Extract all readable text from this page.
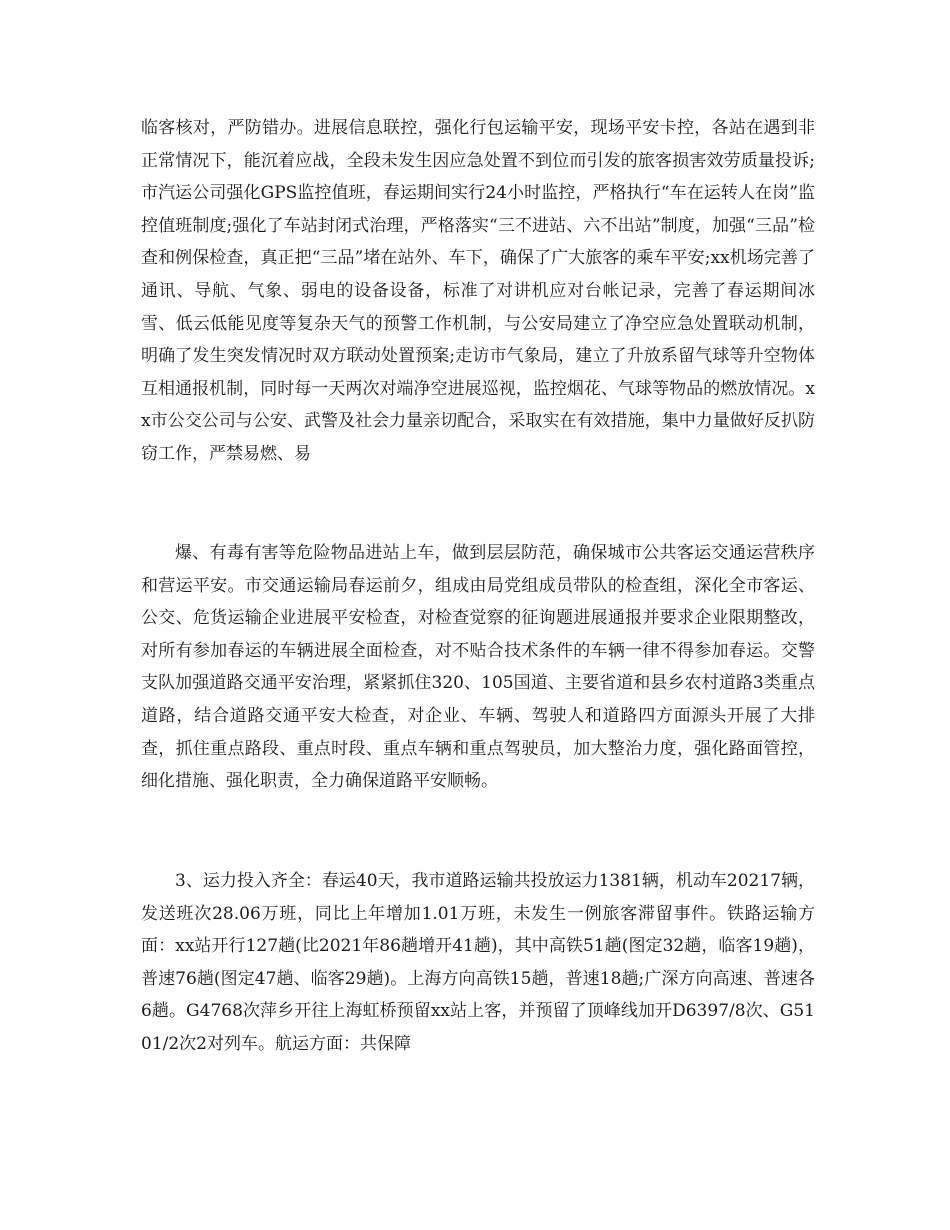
临客核对，严防错办。进展信息联控，强化行包运输平安，现场平安卡控，各站在遇到非正常情况下，能沉着应战，全段未发生因应急处置不到位而引发的旅客损害效劳质量投诉;市汽运公司强化GPS监控值班，春运期间实行24小时监控，严格执行“车在运转人在岗”监控值班制度;强化了车站封闭式治理，严格落实“三不进站、六不出站”制度，加强“三品”检查和例保检查，真正把“三品”堵在站外、车下，确保了广大旅客的乘车平安;xx机场完善了通讯、导航、气象、弱电的设备设备，标准了对讲机应对台帐记录，完善了春运期间冰雪、低云低能见度等复杂天气的预警工作机制，与公安局建立了净空应急处置联动机制，明确了发生突发情况时双方联动处置预案;走访市气象局，建立了升放系留气球等升空物体互相通报机制，同时每一天两次对端净空进展巡视，监控烟花、气球等物品的燃放情况。xx市公交公司与公安、武警及社会力量亲切配合，采取实在有效措施，集中力量做好反扒防窃工作，严禁易燃、易

爆、有毒有害等危险物品进站上车，做到层层防范，确保城市公共客运交通运营秩序和营运平安。市交通运输局春运前夕，组成由局党组成员带队的检查组，深化全市客运、公交、危货运输企业进展平安检查，对检查觉察的征询题进展通报并要求企业限期整改，对所有参加春运的车辆进展全面检查，对不贴合技术条件的车辆一律不得参加春运。交警支队加强道路交通平安治理，紧紧抓住320、105国道、主要省道和县乡农村道路3类重点道路，结合道路交通平安大检查，对企业、车辆、驾驶人和道路四方面源头开展了大排查，抓住重点路段、重点时段、重点车辆和重点驾驶员，加大整治力度，强化路面管控，细化措施、强化职责，全力确保道路平安顺畅。

3、运力投入齐全：春运40天，我市道路运输共投放运力1381辆，机动车20217辆，发送班次28.06万班，同比上年增加1.01万班，未发生一例旅客滞留事件。铁路运输方面：xx站开行127趟(比2021年86趟增开41趟)，其中高铁51趟(图定32趟，临客19趟)，普速76趟(图定47趟、临客29趟)。上海方向高铁15趟，普速18趟;广深方向高速、普速各6趟。G4768次萍乡开往上海虹桥预留xx站上客，并预留了顶峰线加开D6397/8次、G5101/2次2对列车。航运方面：共保障
